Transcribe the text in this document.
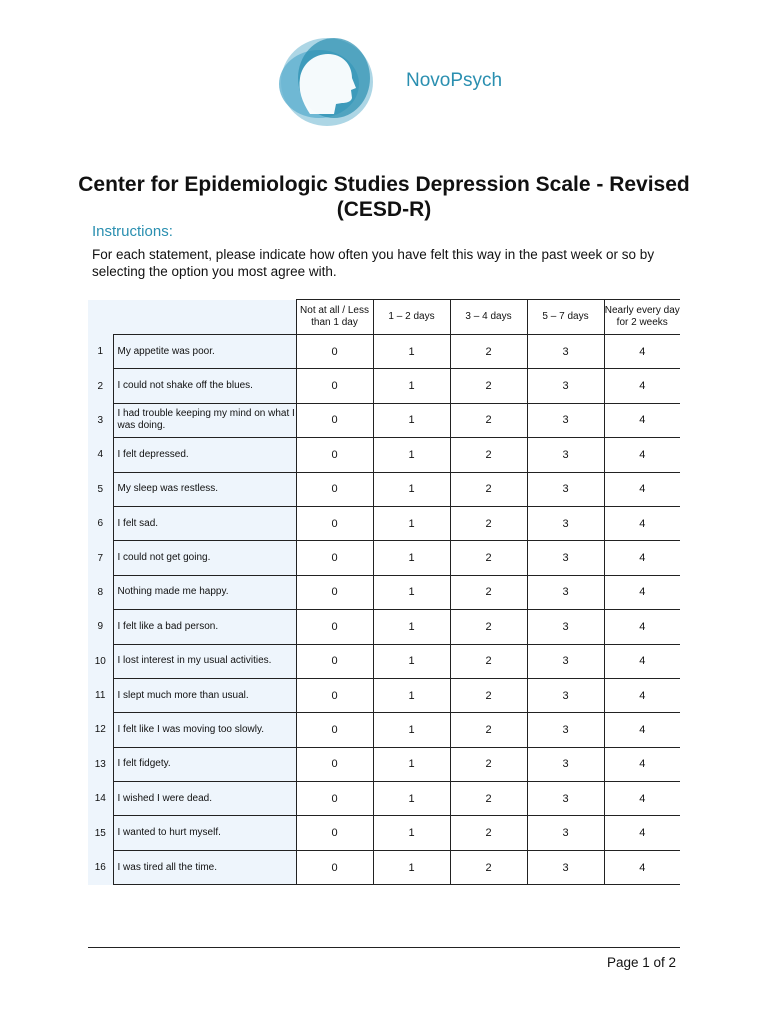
NovoPsych
Center for Epidemiologic Studies Depression Scale - Revised (CESD-R)
Instructions:
For each statement, please indicate how often you have felt this way in the past week or so by selecting the option you most agree with.
		Not at all / Less than 1 day	1 – 2 days	3 – 4 days	5 – 7 days	Nearly every day for 2 weeks
1	My appetite was poor.	0	1	2	3	4
2	I could not shake off the blues.	0	1	2	3	4
3	I had trouble keeping my mind on what I was doing.	0	1	2	3	4
4	I felt depressed.	0	1	2	3	4
5	My sleep was restless.	0	1	2	3	4
6	I felt sad.	0	1	2	3	4
7	I could not get going.	0	1	2	3	4
8	Nothing made me happy.	0	1	2	3	4
9	I felt like a bad person.	0	1	2	3	4
10	I lost interest in my usual activities.	0	1	2	3	4
11	I slept much more than usual.	0	1	2	3	4
12	I felt like I was moving too slowly.	0	1	2	3	4
13	I felt fidgety.	0	1	2	3	4
14	I wished I were dead.	0	1	2	3	4
15	I wanted to hurt myself.	0	1	2	3	4
16	I was tired all the time.	0	1	2	3	4
Page 1 of 2
